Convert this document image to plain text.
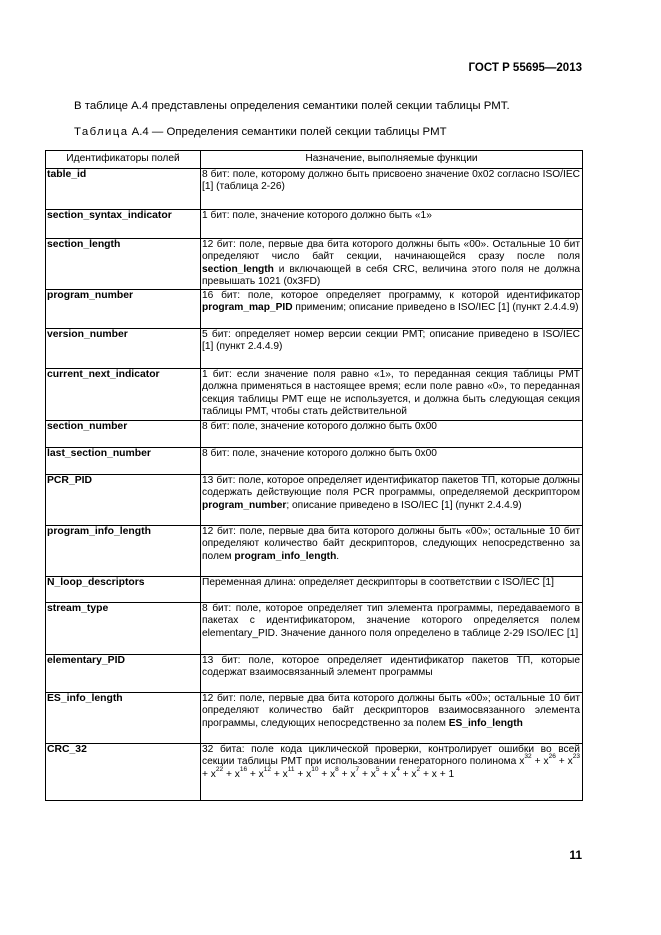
ГОСТ Р 55695—2013
В таблице А.4 представлены определения семантики полей секции таблицы PMT.
Таблица А.4 — Определения семантики полей секции таблицы PMT
Идентификаторы полей	Назначение, выполняемые функции
table_id	8 бит: поле, которому должно быть присвоено значение 0x02 согласно ISO/IEC [1] (таблица 2-26)
section_syntax_indicator	1 бит: поле, значение которого должно быть «1»
section_length	12 бит: поле, первые два бита которого должны быть «00». Остальные 10 бит определяют число байт секции, начинающейся сразу после поля section_length и включающей в себя CRC, величина этого поля не должна превышать 1021 (0x3FD)
program_number	16 бит: поле, которое определяет программу, к которой идентификатор program_map_PID применим; описание приведено в ISO/IEC [1] (пункт 2.4.4.9)
version_number	5 бит: определяет номер версии секции PMT; описание приведено в ISO/IEC [1] (пункт 2.4.4.9)
current_next_indicator	1 бит: если значение поля равно «1», то переданная секция таблицы PMT должна применяться в настоящее время; если поле равно «0», то переданная секция таблицы PMT еще не используется, и должна быть следующая секция таблицы PMT, чтобы стать действительной
section_number	8 бит: поле, значение которого должно быть 0x00
last_section_number	8 бит: поле, значение которого должно быть 0x00
PCR_PID	13 бит: поле, которое определяет идентификатор пакетов ТП, которые должны содержать действующие поля PCR программы, определяемой дескриптором program_number; описание приведено в ISO/IEC [1] (пункт 2.4.4.9)
program_info_length	12 бит: поле, первые два бита которого должны быть «00»; остальные 10 бит определяют количество байт дескрипторов, следующих непосредственно за полем program_info_length.
N_loop_descriptors	Переменная длина: определяет дескрипторы в соответствии с ISO/IEC [1]
stream_type	8 бит: поле, которое определяет тип элемента программы, передаваемого в пакетах с идентификатором, значение которого определяется полем elementary_PID. Значение данного поля определено в таблице 2-29 ISO/IEC [1]
elementary_PID	13 бит: поле, которое определяет идентификатор пакетов ТП, которые содержат взаимосвязанный элемент программы
ES_info_length	12 бит: поле, первые два бита которого должны быть «00»; остальные 10 бит определяют количество байт дескрипторов взаимосвязанного элемента программы, следующих непосредственно за полем ES_info_length
CRC_32	32 бита: поле кода циклической проверки, контролирует ошибки во всей секции таблицы PMT при использовании генераторного полинома $x^{32} + x^{26} + x^{23} + x^{22} + x^{16} + x^{12} + x^{11} + x^{10} + x^8 + x^7 + x^5 + x^4 + x^2 + x + 1$
11
